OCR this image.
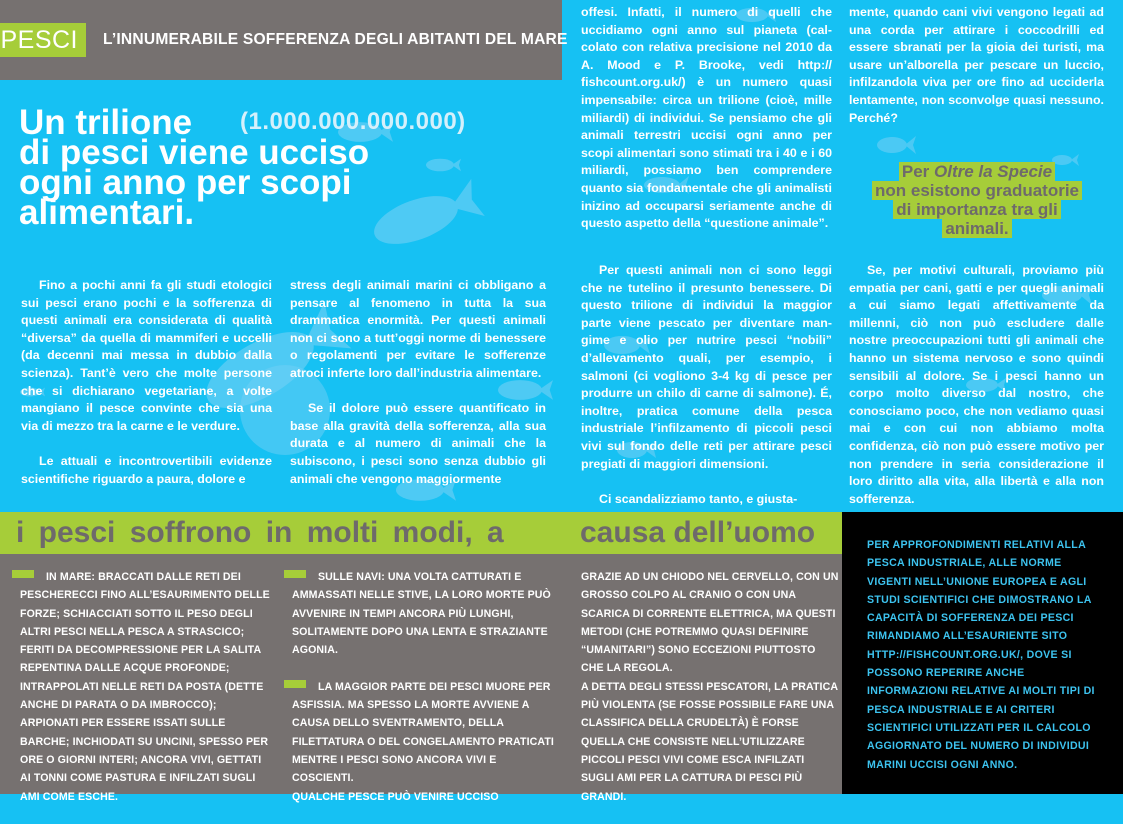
PESCI	L’INNUMERABILE SOFFERENZA DEGLI ABITANTI DEL MARE
Un trilione
di pesci viene ucciso
ogni anno per scopi
alimentari.
(1.000.000.000.000)

Fino a pochi anni fa gli studi etologici sui pesci erano pochi e la sofferenza di questi animali era considerata di qualità “diversa” da quella di mammiferi e uccelli (da decenni mai messa in dubbio dalla scienza). Tant’è vero che molte persone che si dichiarano vegetariane, a volte mangiano il pesce convinte che sia una via di mezzo tra la carne e le verdure.

Le attuali e incontrovertibili evidenze scientifiche riguardo a paura, dolore e

stress degli animali marini ci obbligano a pensare al fenomeno in tutta la sua drammatica enormità. Per questi animali non ci sono a tutt’oggi norme di benessere o regolamenti per evitare le sofferenze atroci inferte loro dall’industria alimentare.

Se il dolore può essere quantificato in base alla gravità della sofferenza, alla sua durata e al numero di animali che la subiscono, i pesci sono senza dubbio gli animali che vengono maggiormente

offesi. Infatti, il numero di quelli che uccidiamo ogni anno sul pianeta (calcolato con relativa precisione nel 2010 da A. Mood e P. Brooke, vedi http:// fishcount.org.uk/) è un numero quasi impensabile: circa un trilione (cioè, mille miliardi) di individui. Se pensiamo che gli animali terrestri uccisi ogni anno per scopi alimentari sono stimati tra i 40 e i 60 miliardi, possiamo ben comprendere quanto sia fondamentale che gli animalisti inizino ad occuparsi seriamente anche di questo aspetto della “questione animale”.

Per questi animali non ci sono leggi che ne tutelino il presunto benessere. Di questo trilione di individui la maggior parte viene pescato per diventare mangime e olio per nutrire pesci “nobili” d’allevamento quali, per esempio, i salmoni (ci vogliono 3-4 kg di pesce per produrre un chilo di carne di salmone). É, inoltre, pratica comune della pesca industriale l’infilzamento di piccoli pesci vivi sul fondo delle reti per attirare pesci pregiati di maggiori dimensioni.

Ci scandalizziamo tanto, e giusta-

mente, quando cani vivi vengono legati ad una corda per attirare i coccodrilli ed essere sbranati per la gioia dei turisti, ma usare un’alborella per pescare un luccio, infilzandola viva per ore fino ad ucciderla lentamente, non sconvolge quasi nessuno. Perché?

Se, per motivi culturali, proviamo più empatia per cani, gatti e per quegli animali a cui siamo legati affettivamente da millenni, ciò non può escludere dalle nostre preoccupazioni tutti gli animali che hanno un sistema nervoso e sono quindi sensibili al dolore. Se i pesci hanno un corpo molto diverso dal nostro, che conosciamo poco, che non vediamo quasi mai e con cui non abbiamo molta confidenza, ciò non può essere motivo per non prendere in seria considerazione il loro diritto alla vita, alla libertà e alla non sofferenza.

Per Oltre la Specie
non esistono graduatorie
di importanza tra gli
animali.
i pesci soffrono in molti modi, a	causa dell’uomo

IN MARE: BRACCATI DALLE RETI DEI PESCHERECCI FINO ALL’ESAURIMENTO DELLE FORZE; SCHIACCIATI SOTTO IL PESO DEGLI ALTRI PESCI NELLA PESCA A STRASCICO; FERITI DA DECOMPRESSIONE PER LA SALITA REPENTINA DALLE ACQUE PROFONDE; INTRAPPOLATI NELLE RETI DA POSTA (DETTE ANCHE DI PARATA O DA IMBROCCO); ARPIONATI PER ESSERE ISSATI SULLE BARCHE; INCHIODATI SU UNCINI, SPESSO PER ORE O GIORNI INTERI; ANCORA VIVI, GETTATI AI TONNI COME PASTURA E INFILZATI SUGLI AMI COME ESCHE.

SULLE NAVI: UNA VOLTA CATTURATI E AMMASSATI NELLE STIVE, LA LORO MORTE PUÒ AVVENIRE IN TEMPI ANCORA PIÙ LUNGHI, SOLITAMENTE DOPO UNA LENTA E STRAZIANTE AGONIA.

LA MAGGIOR PARTE DEI PESCI MUORE PER ASFISSIA. MA SPESSO LA MORTE AVVIENE A CAUSA DELLO SVENTRAMENTO, DELLA FILETTATURA O DEL CONGELAMENTO PRATICATI MENTRE I PESCI SONO ANCORA VIVI E COSCIENTI.
QUALCHE PESCE PUÒ VENIRE UCCISO

GRAZIE AD UN CHIODO NEL CERVELLO, CON UN GROSSO COLPO AL CRANIO O CON UNA SCARICA DI CORRENTE ELETTRICA, MA QUESTI METODI (CHE POTREMMO QUASI DEFINIRE “UMANITARI”) SONO ECCEZIONI PIUTTOSTO CHE LA REGOLA.

A DETTA DEGLI STESSI PESCATORI, LA PRATICA PIÙ VIOLENTA (SE FOSSE POSSIBILE FARE UNA CLASSIFICA DELLA CRUDELTÀ) È FORSE QUELLA CHE CONSISTE NELL’UTILIZZARE PICCOLI PESCI VIVI COME ESCA INFILZATI SUGLI AMI PER LA CATTURA DI PESCI PIÙ GRANDI.

PER APPROFONDIMENTI RELATIVI ALLA PESCA INDUSTRIALE, ALLE NORME VIGENTI NELL’UNIONE EUROPEA E AGLI STUDI SCIENTIFICI CHE DIMOSTRANO LA CAPACITÀ DI SOFFERENZA DEI PESCI RIMANDIAMO ALL’ESAURIENTE SITO HTTP://FISHCOUNT.ORG.UK/, DOVE SI POSSONO REPERIRE ANCHE INFORMAZIONI RELATIVE AI MOLTI TIPI DI PESCA INDUSTRIALE E AI CRITERI SCIENTIFICI UTILIZZATI PER IL CALCOLO AGGIORNATO DEL NUMERO DI INDIVIDUI MARINI UCCISI OGNI ANNO.
